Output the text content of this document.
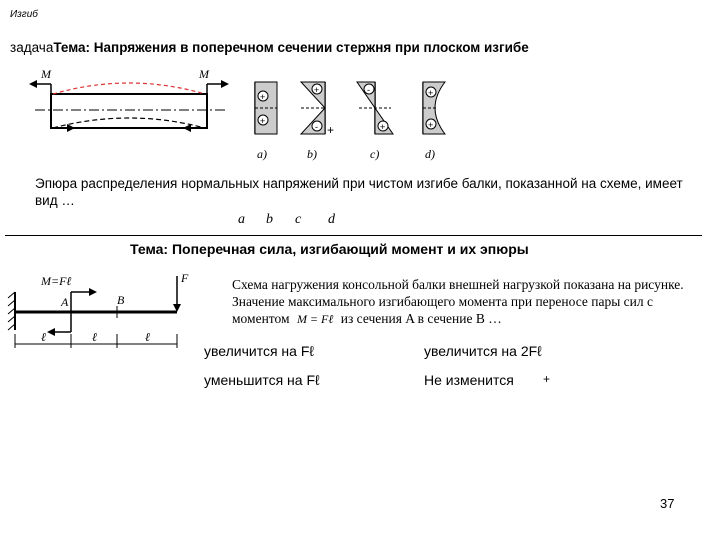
Изгиб
задачаТема: Напряжения в поперечном сечении стержня при плоском изгибе
M	M
+
+
a)
+
- +
b)
-
+
c)
+
+
d)
Эпюра распределения нормальных напряжений при чистом изгибе балки, показанной на схеме, имеет вид …
a b c d
Тема: Поперечная сила, изгибающий момент и их эпюры
M=Fℓ
A	B
F
ℓ	ℓ	ℓ
Схема нагружения консольной балки внешней нагрузкой показана на рисунке. Значение максимального изгибающего момента при переносе пары сил с моментом M = Fℓ из сечения A в сечение B …
увеличится на Fℓ	увеличится на 2Fℓ
уменьшится на Fℓ	Не изменится +
37
